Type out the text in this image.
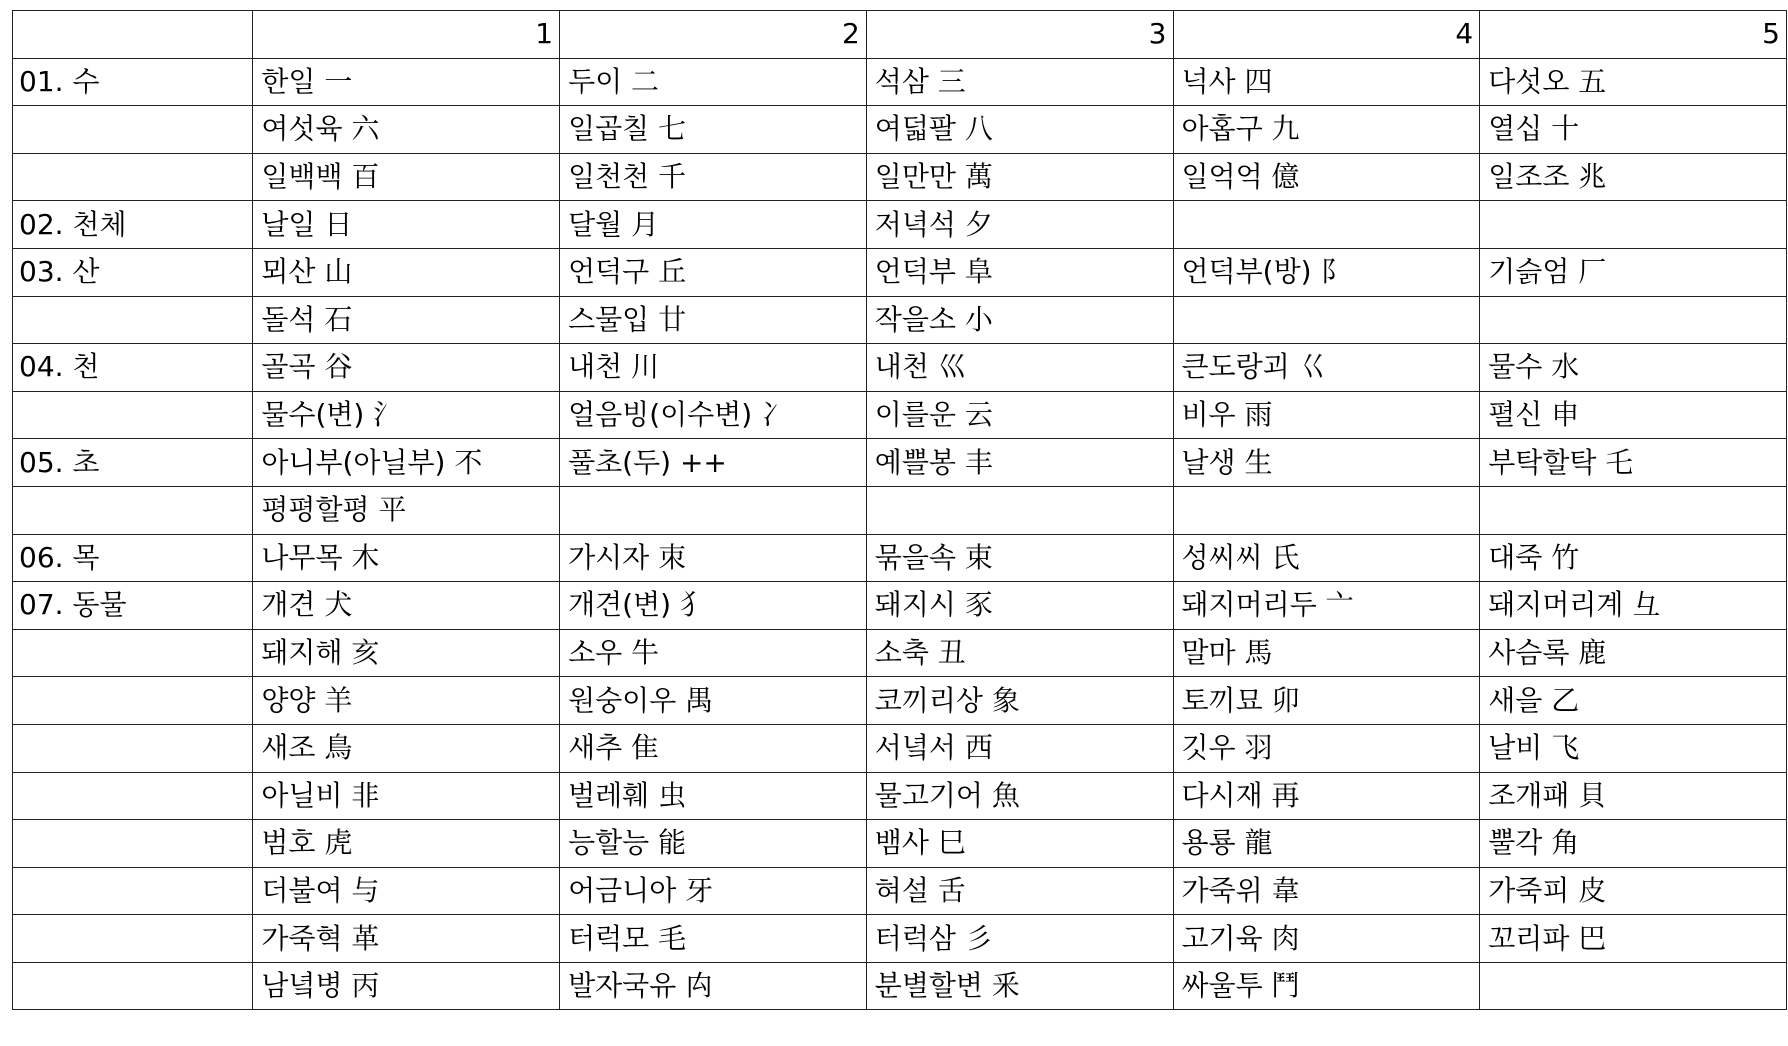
	1	2	3	4	5
01. 수	한일 一	두이 二	석삼 三	넉사 四	다섯오 五
	여섯육 六	일곱칠 七	여덟팔 八	아홉구 九	열십 十
	일백백 百	일천천 千	일만만 萬	일억억 億	일조조 兆
02. 천체	날일 日	달월 月	저녁석 夕		
03. 산	뫼산 山	언덕구 丘	언덕부 阜	언덕부(방) 阝	기슭엄 厂
	돌석 石	스물입 廿	작을소 小		
04. 천	골곡 谷	내천 川	내천 巛	큰도랑괴 巜	물수 水
	물수(변) 氵	얼음빙(이수변) 冫	이를운 云	비우 雨	펼신 申
05. 초	아니부(아닐부) 不	풀초(두) ++	예쁠봉 丰	날생 生	부탁할탁 乇
	평평할평 平				
06. 목	나무목 木	가시자 朿	묶을속 束	성씨씨 氏	대죽 竹
07. 동물	개견 犬	개견(변) 犭	돼지시 豕	돼지머리두 亠	돼지머리계 彑
	돼지해 亥	소우 牛	소축 丑	말마 馬	사슴록 鹿
	양양 羊	원숭이우 禺	코끼리상 象	토끼묘 卯	새을 乙
	새조 鳥	새추 隹	서녘서 西	깃우 羽	날비 飞
	아닐비 非	벌레훼 虫	물고기어 魚	다시재 再	조개패 貝
	범호 虎	능할능 能	뱀사 巳	용룡 龍	뿔각 角
	더불여 与	어금니아 牙	혀설 舌	가죽위 韋	가죽피 皮
	가죽혁 革	터럭모 毛	터럭삼 彡	고기육 肉	꼬리파 巴
	남녘병 丙	발자국유 禸	분별할변 釆	싸울투 鬥	
